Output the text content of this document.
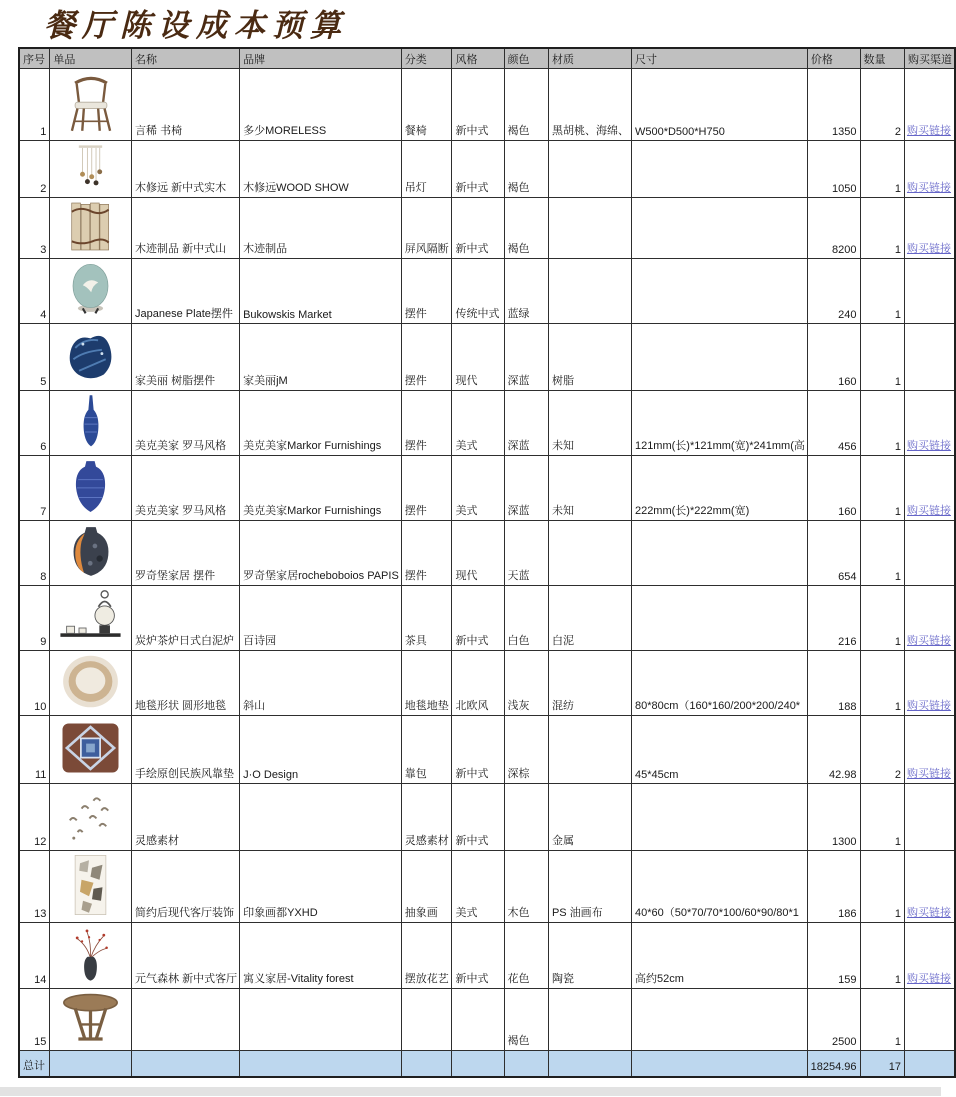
餐厅陈设成本预算
序号	单品	名称	品牌	分类	风格	颜色	材质	尺寸	价格	数量	购买渠道
1		言稀 书椅	多少MORELESS	餐椅	新中式	褐色	黑胡桃、海绵、	W500*D500*H750	1350	2	购买链接
2		木修远 新中式实木	木修远WOOD SHOW	吊灯	新中式	褐色			1050	1	购买链接
3		木迹制品 新中式山	木迹制品	屏风隔断	新中式	褐色			8200	1	购买链接
4		Japanese Plate摆件	Bukowskis Market	摆件	传统中式	蓝绿			240	1	
5		家美丽 树脂摆件	家美丽jM	摆件	现代	深蓝	树脂		160	1	
6		美克美家 罗马风格	美克美家Markor Furnishings	摆件	美式	深蓝	未知	121mm(长)*121mm(宽)*241mm(高	456	1	购买链接
7		美克美家 罗马风格	美克美家Markor Furnishings	摆件	美式	深蓝	未知	222mm(长)*222mm(宽)	160	1	购买链接
8		罗奇堡家居 摆件	罗奇堡家居rocheboboios PAPIS	摆件	现代	天蓝			654	1	
9		炭炉茶炉日式白泥炉	百诗园	茶具	新中式	白色	白泥		216	1	购买链接
10		地毯形状 圆形地毯	斜山	地毯地垫	北欧风	浅灰	混纺	80*80cm（160*160/200*200/240*	188	1	购买链接
11		手绘原创民族风靠垫	J·O Design	靠包	新中式	深棕		45*45cm	42.98	2	购买链接
12		灵感素材		灵感素材	新中式		金属		1300	1	
13		简约后现代客厅装饰	印象画都YXHD	抽象画	美式	木色	PS 油画布	40*60（50*70/70*100/60*90/80*1	186	1	购买链接
14		元气森林 新中式客厅	寓义家居-Vitality forest	摆放花艺	新中式	花色	陶瓷	高约52cm	159	1	购买链接
15						褐色			2500	1	
总计									18254.96	17	
